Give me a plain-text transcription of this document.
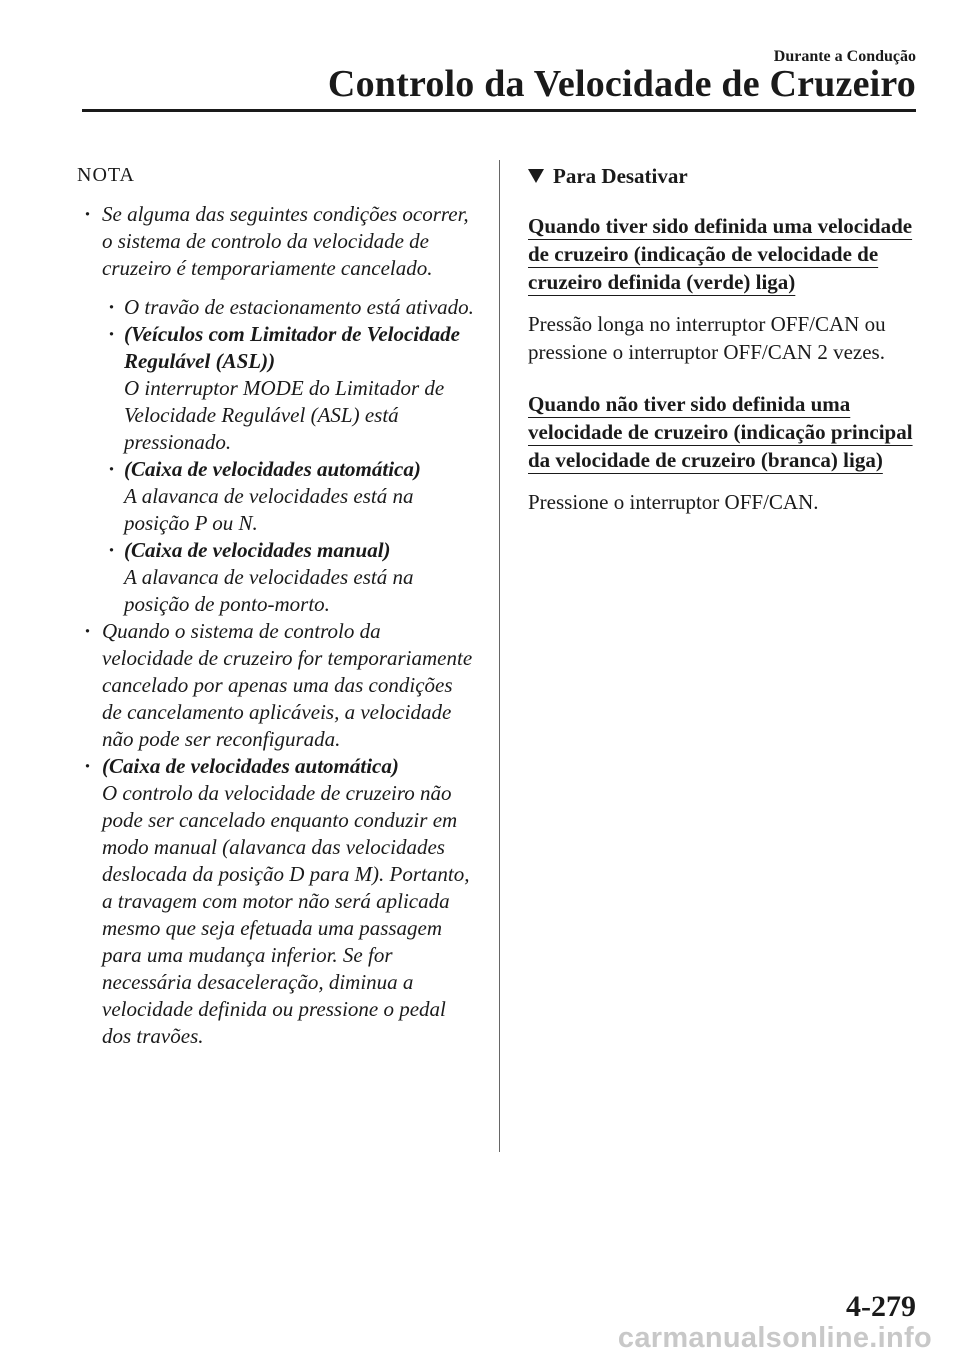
Durante a Condução
Controlo da Velocidade de Cruzeiro
NOTA
· Se alguma das seguintes condições ocorrer, o sistema de controlo da velocidade de cruzeiro é temporariamente cancelado.
· O travão de estacionamento está ativado.
· (Veículos com Limitador de Velocidade Regulável (ASL))
O interruptor MODE do Limitador de Velocidade Regulável (ASL) está pressionado.
· (Caixa de velocidades automática)
A alavanca de velocidades está na posição P ou N.
· (Caixa de velocidades manual)
A alavanca de velocidades está na posição de ponto-morto.
· Quando o sistema de controlo da velocidade de cruzeiro for temporariamente cancelado por apenas uma das condições de cancelamento aplicáveis, a velocidade não pode ser reconfigurada.
· (Caixa de velocidades automática)
O controlo da velocidade de cruzeiro não pode ser cancelado enquanto conduzir em modo manual (alavanca das velocidades deslocada da posição D para M). Portanto, a travagem com motor não será aplicada mesmo que seja efetuada uma passagem para uma mudança inferior. Se for necessária desaceleração, diminua a velocidade definida ou pressione o pedal dos travões.
Para Desativar
Quando tiver sido definida uma velocidade de cruzeiro (indicação de velocidade de cruzeiro definida (verde) liga)
Pressão longa no interruptor OFF/CAN ou pressione o interruptor OFF/CAN 2 vezes.
Quando não tiver sido definida uma velocidade de cruzeiro (indicação principal da velocidade de cruzeiro (branca) liga)
Pressione o interruptor OFF/CAN.
4-279
carmanualsonline.info
